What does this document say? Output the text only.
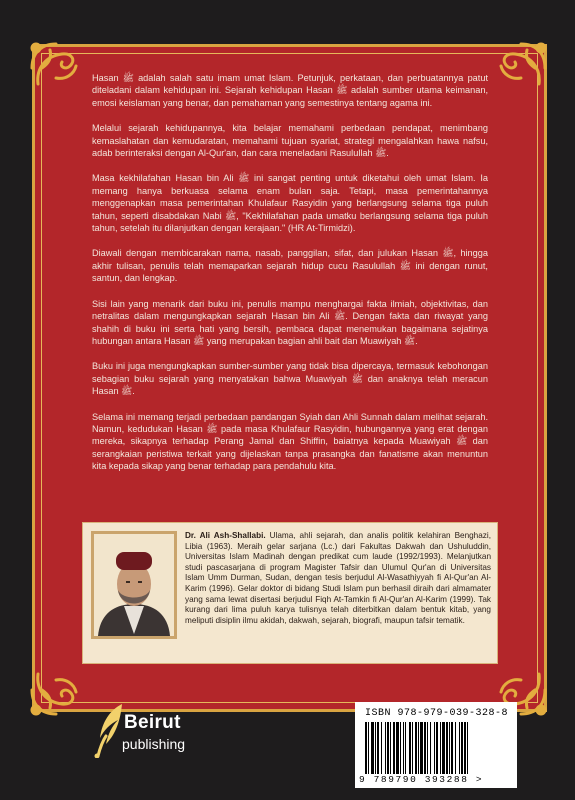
Hasan ﷺ adalah salah satu imam umat Islam. Petunjuk, perkataan, dan perbuatannya patut diteladani dalam kehidupan ini. Sejarah kehidupan Hasan ﷺ adalah sumber utama keimanan, emosi keislaman yang benar, dan pemahaman yang semestinya tentang agama ini.

Melalui sejarah kehidupannya, kita belajar memahami perbedaan pendapat, menimbang kemaslahatan dan kemudaratan, memahami tujuan syariat, strategi mengalahkan hawa nafsu, adab berinteraksi dengan Al-Qur'an, dan cara meneladani Rasulullah ﷺ.

Masa kekhilafahan Hasan bin Ali ﷺ ini sangat penting untuk diketahui oleh umat Islam. Ia memang hanya berkuasa selama enam bulan saja. Tetapi, masa pemerintahannya menggenapkan masa pemerintahan Khulafaur Rasyidin yang berlangsung selama tiga puluh tahun, seperti disabdakan Nabi ﷺ, "Kekhilafahan pada umatku berlangsung selama tiga puluh tahun, setelah itu dilanjutkan dengan kerajaan." (HR At-Tirmidzi).

Diawali dengan membicarakan nama, nasab, panggilan, sifat, dan julukan Hasan ﷺ, hingga akhir tulisan, penulis telah memaparkan sejarah hidup cucu Rasulullah ﷺ ini dengan runut, santun, dan lengkap.

Sisi lain yang menarik dari buku ini, penulis mampu menghargai fakta ilmiah, objektivitas, dan netralitas dalam mengungkapkan sejarah Hasan bin Ali ﷺ. Dengan fakta dan riwayat yang shahih di buku ini serta hati yang bersih, pembaca dapat menemukan bagaimana sejatinya hubungan antara Hasan ﷺ yang merupakan bagian ahli bait dan Muawiyah ﷺ.

Buku ini juga mengungkapkan sumber-sumber yang tidak bisa dipercaya, termasuk kebohongan sebagian buku sejarah yang menyatakan bahwa Muawiyah ﷺ dan anaknya telah meracun Hasan ﷺ.

Selama ini memang terjadi perbedaan pandangan Syiah dan Ahli Sunnah dalam melihat sejarah. Namun, kedudukan Hasan ﷺ pada masa Khulafaur Rasyidin, hubungannya yang erat dengan mereka, sikapnya terhadap Perang Jamal dan Shiffin, baiatnya kepada Muawiyah ﷺ dan serangkaian peristiwa terkait yang dijelaskan tanpa prasangka dan fanatisme akan menuntun kita kepada sikap yang benar terhadap para pendahulu kita.

Dr. Ali Ash-Shallabi. Ulama, ahli sejarah, dan analis politik kelahiran Benghazi, Libia (1963). Meraih gelar sarjana (Lc.) dari Fakultas Dakwah dan Ushuluddin, Universitas Islam Madinah dengan predikat cum laude (1992/1993). Melanjutkan studi pascasarjana di program Magister Tafsir dan Ulumul Qur'an di Universitas Islam Umm Durman, Sudan, dengan tesis berjudul Al-Wasathiyyah fi Al-Qur'an Al-Karim (1996). Gelar doktor di bidang Studi Islam pun berhasil diraih dari almamater yang sama lewat disertasi berjudul Fiqh At-Tamkin fi Al-Qur'an Al-Karim (1999). Tak kurang dari lima puluh karya tulisnya telah diterbitkan dalam bentuk kitab, yang meliputi disiplin ilmu akidah, dakwah, sejarah, biografi, maupun tafsir tematik.
Beirut
publishing
ISBN 978-979-039-328-8
9 789790 393288 >
